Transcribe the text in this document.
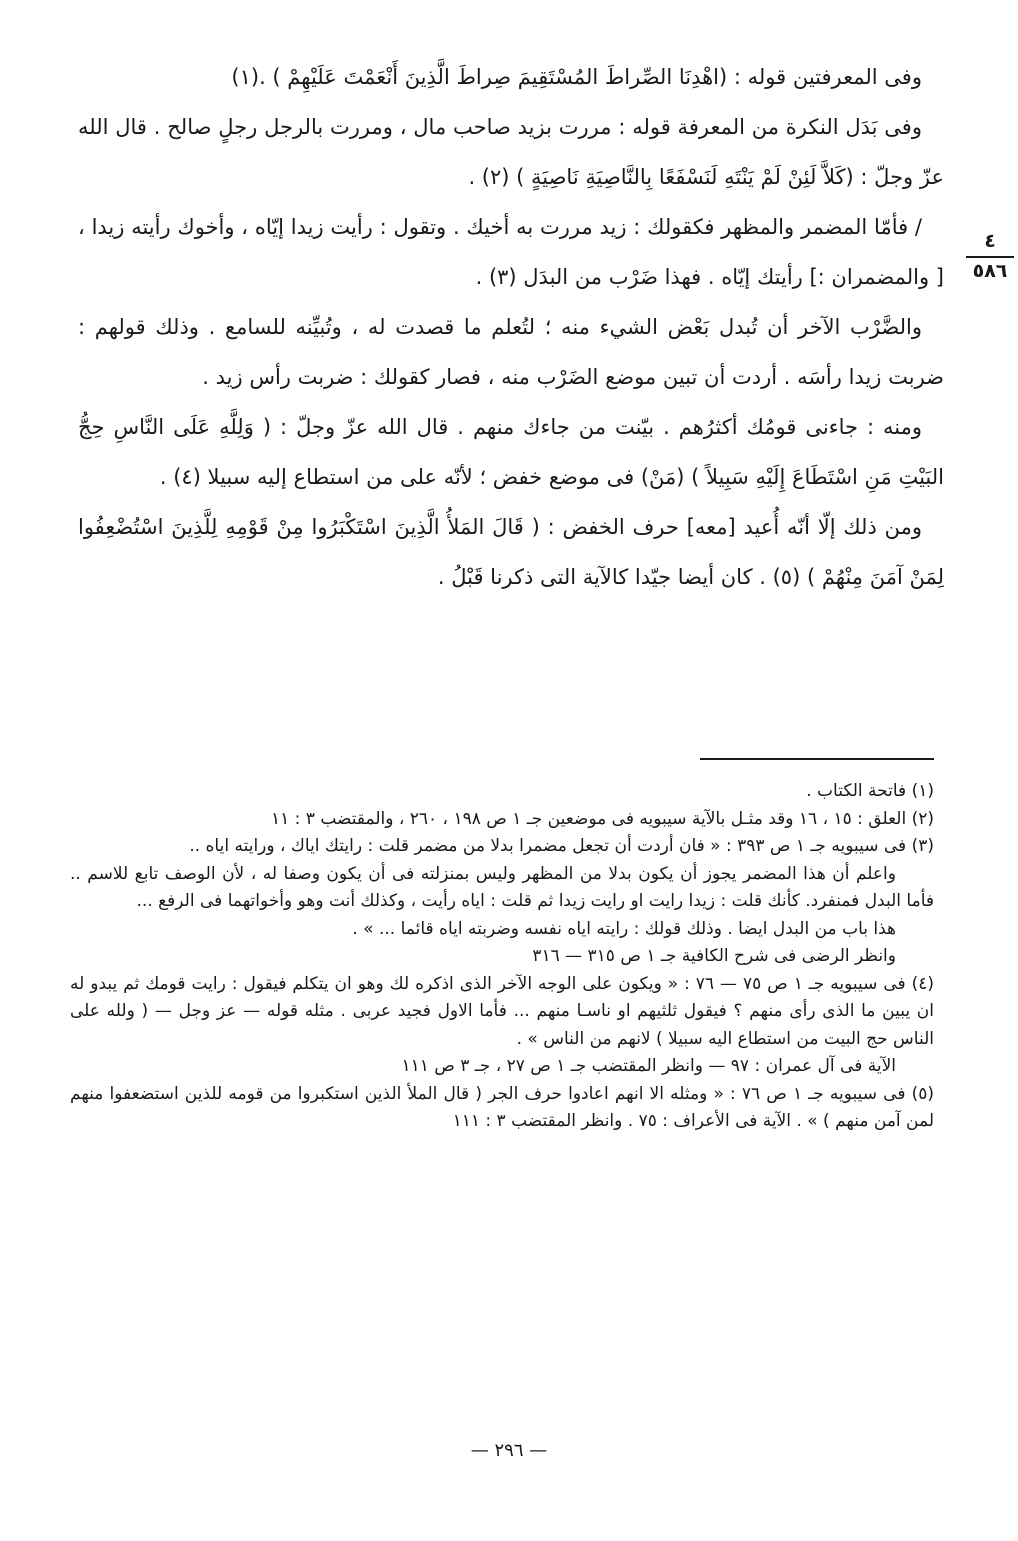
٤
٥٨٦

وفى المعرفتين قوله : (اهْدِنَا الصِّراطَ المُسْتَقِيمَ صِراطَ الَّذِينَ أَنْعَمْتَ عَلَيْهِمْ ) .(١)

وفى بَدَل النكرة من المعرفة قوله : مررت بزيد صاحب مال ، ومررت بالرجل رجلٍ صالح . قال الله عزّ وجلّ : (كَلاَّ لَئِنْ لَمْ يَنْتَهِ لَنَسْفَعًا بِالنَّاصِيَةِ نَاصِيَةٍ ) (٢) .

/ فأمّا المضمر والمظهر فكقولك : زيد مررت به أخيك . وتقول : رأيت زيدا إيّاه ، وأخوك رأيته زيدا ، [ والمضمران :] رأيتك إيّاه . فهذا ضَرْب من البدَل (٣) .

والضَّرْب الآخر أن تُبدل بَعْض الشيء منه ؛ لتُعلم ما قصدت له ، وتُبيِّنه للسامع . وذلك قولهم : ضربت زيدا رأسَه . أردت أن تبين موضع الضَرْب منه ، فصار كقولك : ضربت رأس زيد .

ومنه : جاءنى قومُك أكثرُهم . بيّنت من جاءك منهم . قال الله عزّ وجلّ : ( وَلِلَّهِ عَلَى النَّاسِ حِجُّ البَيْتِ مَنِ اسْتَطَاعَ إِلَيْهِ سَبِيلاً ) (مَنْ) فى موضع خفض ؛ لأنّه على من استطاع إليه سبيلا (٤) .

ومن ذلك إلّا أنّه أُعيد [معه] حرف الخفض : ( قَالَ المَلأُ الَّذِينَ اسْتَكْبَرُوا مِنْ قَوْمِهِ لِلَّذِينَ اسْتُضْعِفُوا لِمَنْ آمَنَ مِنْهُمْ ) (٥) . كان أيضا جيّدا كالآية التى ذكرنا قَبْلُ .

(١) فاتحة الكتاب .

(٢) العلق : ١٥ ، ١٦ وقد مثـل بالآية سيبويه فى موضعين جـ ١ ص ١٩٨ ، ٢٦٠ ، والمقتضب ٣ : ١١

(٣) فى سيبويه جـ ١ ص ٣٩٣ : « فان أردت أن تجعل مضمرا بدلا من مضمر قلت : رايتك اياك ، ورايته اياه ..

واعلم أن هذا المضمر يجوز أن يكون بدلا من المظهر وليس بمنزلته فى أن يكون وصفا له ، لأن الوصف تابع للاسم .. فأما البدل فمنفرد. كأنك قلت : زيدا رايت او رايت زيدا ثم قلت : اياه رأيت ، وكذلك أنت وهو وأخواتهما فى الرفع ...

هذا باب من البدل ايضا . وذلك قولك : رايته اياه نفسه وضربته اياه قائما ... » .

وانظر الرضى فى شرح الكافية جـ ١ ص ٣١٥ — ٣١٦

(٤) فى سيبويه جـ ١ ص ٧٥ — ٧٦ : « ويكون على الوجه الآخر الذى اذكره لك وهو ان يتكلم فيقول : رايت قومك ثم يبدو له ان يبين ما الذى رأى منهم ؟ فيقول ثلثيهم او ناسـا منهم ... فأما الاول فجيد عربى . مثله قوله — عز وجل — ( ولله على الناس حج البيت من استطاع اليه سبيلا ) لانهم من الناس » .

الآية فى آل عمران : ٩٧ — وانظر المقتضب جـ ١ ص ٢٧ ، جـ ٣ ص ١١١

(٥) فى سيبويه جـ ١ ص ٧٦ : « ومثله الا انهم اعادوا حرف الجر ( قال الملأ الذين استكبروا من قومه للذين استضعفوا منهم لمن آمن منهم ) » . الآية فى الأعراف : ٧٥ . وانظر المقتضب ٣ : ١١١

— ٢٩٦ —
